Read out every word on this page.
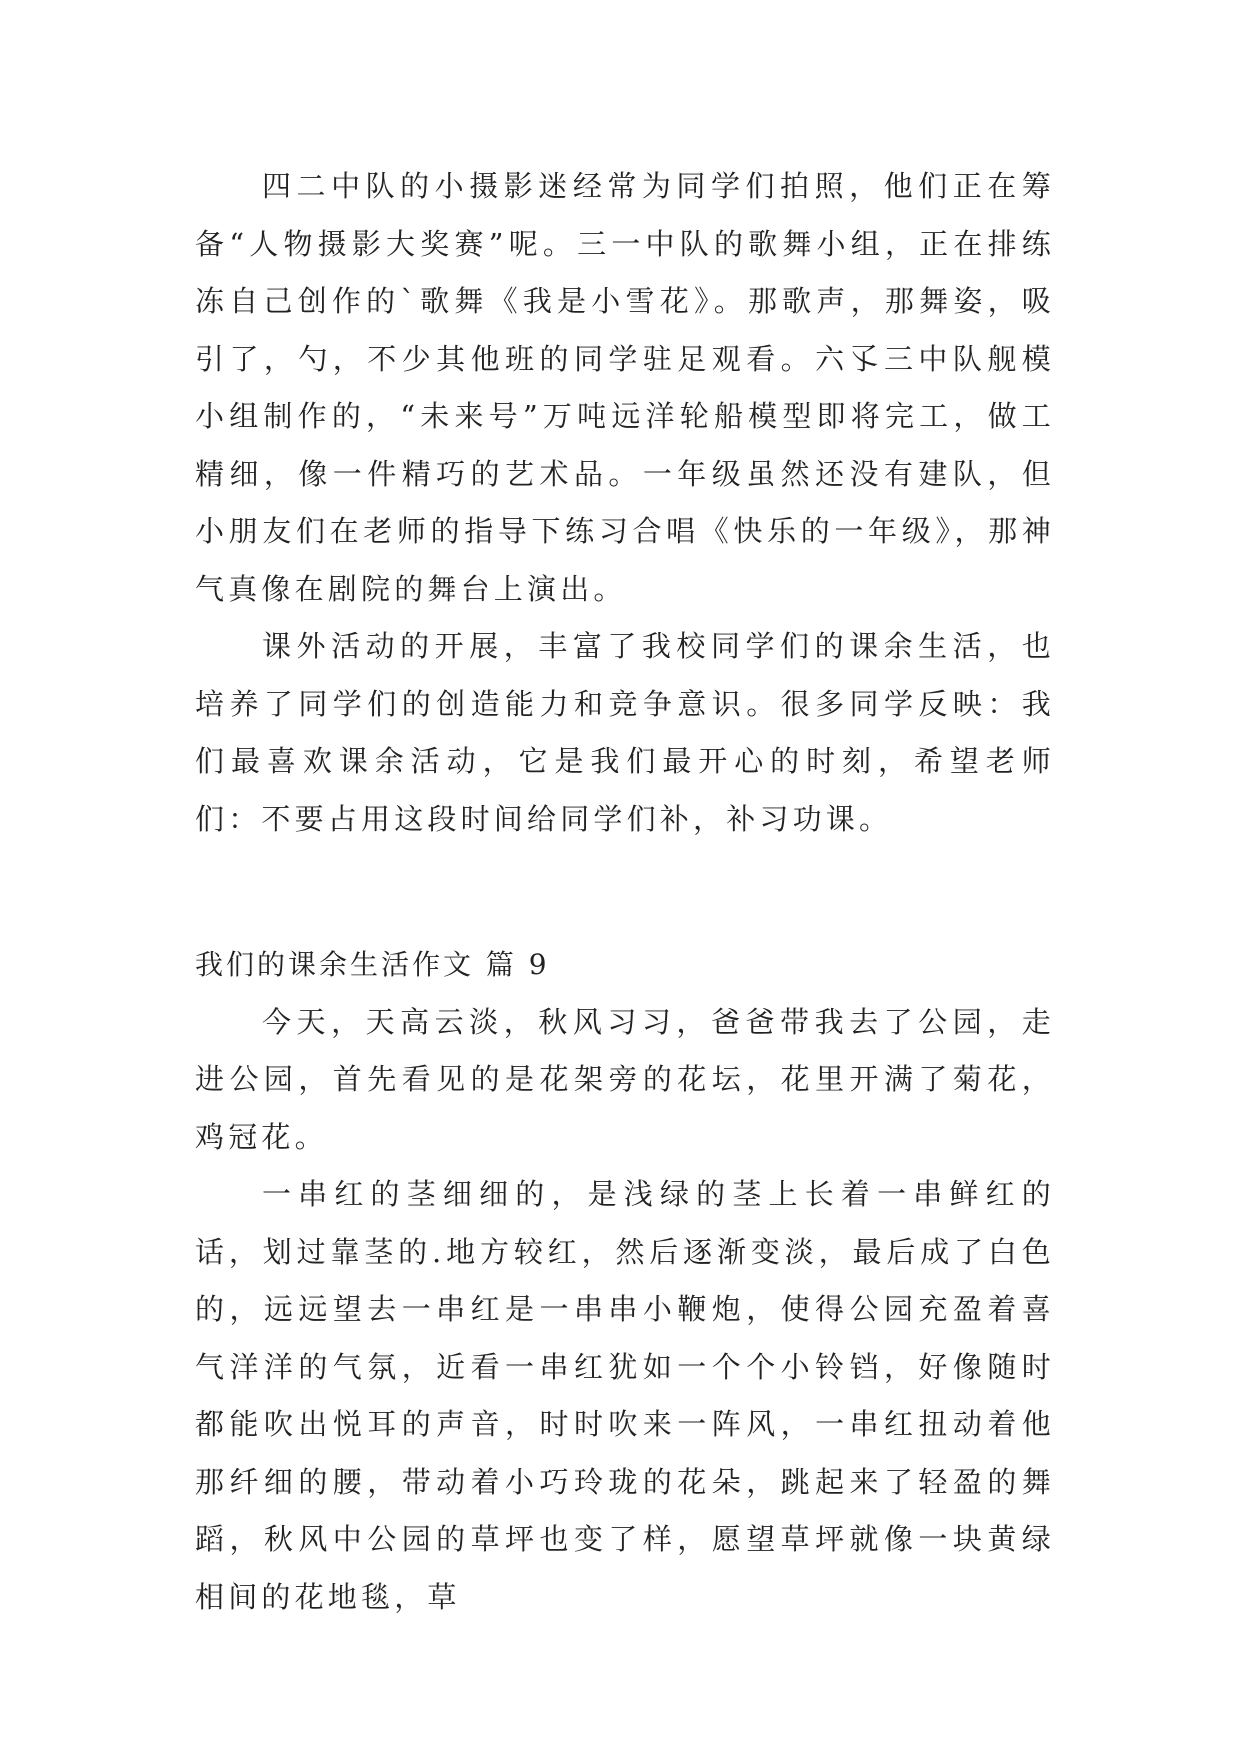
四二中队的小摄影迷经常为同学们拍照，他们正在筹备“人物摄影大奖赛”呢。三一中队的歌舞小组，正在排练冻自己创作的`歌舞《我是小雪花》。那歌声，那舞姿，吸引了，勺，不少其他班的同学驻足观看。六孓三中队舰模小组制作的，“未来号”万吨远洋轮船模型即将完工，做工精细，像一件精巧的艺术品。一年级虽然还没有建队，但小朋友们在老师的指导下练习合唱《快乐的一年级》，那神气真像在剧院的舞台上演出。

课外活动的开展，丰富了我校同学们的课余生活，也培养了同学们的创造能力和竞争意识。很多同学反映：我们最喜欢课余活动，它是我们最开心的时刻，希望老师们：不要占用这段时间给同学们补，补习功课。

我们的课余生活作文 篇 9

今天，天高云淡，秋风习习，爸爸带我去了公园，走进公园，首先看见的是花架旁的花坛，花里开满了菊花，鸡冠花。

一串红的茎细细的，是浅绿的茎上长着一串鲜红的话，划过靠茎的.地方较红，然后逐渐变淡，最后成了白色的，远远望去一串红是一串串小鞭炮，使得公园充盈着喜气洋洋的气氛，近看一串红犹如一个个小铃铛，好像随时都能吹出悦耳的声音，时时吹来一阵风，一串红扭动着他那纤细的腰，带动着小巧玲珑的花朵，跳起来了轻盈的舞蹈，秋风中公园的草坪也变了样，愿望草坪就像一块黄绿相间的花地毯，草
